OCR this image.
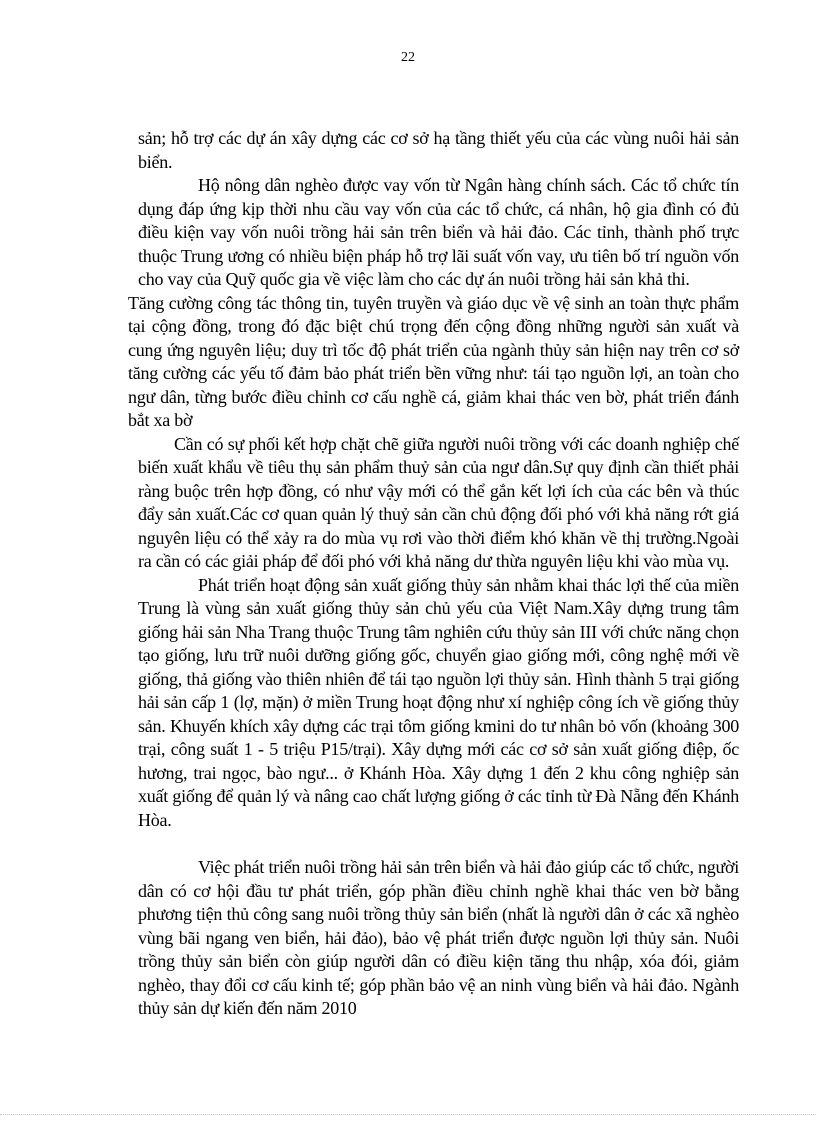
22

sản; hỗ trợ các dự án xây dựng các cơ sở hạ tầng thiết yếu của các vùng nuôi hải sản biển.

Hộ nông dân nghèo được vay vốn từ Ngân hàng chính sách. Các tổ chức tín dụng đáp ứng kịp thời nhu cầu vay vốn của các tổ chức, cá nhân, hộ gia đình có đủ điều kiện vay vốn nuôi trồng hải sản trên biển và hải đảo. Các tỉnh, thành phố trực thuộc Trung ương có nhiều biện pháp hỗ trợ lãi suất vốn vay, ưu tiên bố trí nguồn vốn cho vay của Quỹ quốc gia về việc làm cho các dự án nuôi trồng hải sản khả thi.

Tăng cường công tác thông tin, tuyên truyền và giáo dục về vệ sinh an toàn thực phẩm tại cộng đồng, trong đó đặc biệt chú trọng đến cộng đồng những người sản xuất và cung ứng nguyên liệu; duy trì tốc độ phát triển của ngành thủy sản hiện nay trên cơ sở tăng cường các yếu tố đảm bảo phát triển bền vững như: tái tạo nguồn lợi, an toàn cho ngư dân, từng bước điều chỉnh cơ cấu nghề cá, giảm khai thác ven bờ, phát triển đánh bắt xa bờ

Cần có sự phối kết hợp chặt chẽ giữa người nuôi trồng với các doanh nghiệp chế biến xuất khẩu về tiêu thụ sản phẩm thuỷ sản của ngư dân.Sự quy định cần thiết phải ràng buộc trên hợp đồng, có như vậy mới có thể gắn kết lợi ích của các bên và thúc đẩy sản xuất.Các cơ quan quản lý thuỷ sản cần chủ động đối phó với khả năng rớt giá nguyên liệu có thể xảy ra do mùa vụ rơi vào thời điểm khó khăn về thị trường.Ngoài ra cần có các giải pháp để đối phó với khả năng dư thừa nguyên liệu khi vào mùa vụ.

Phát triển hoạt động sản xuất giống thủy sản nhằm khai thác lợi thế của miền Trung là vùng sản xuất giống thủy sản chủ yếu của Việt Nam.Xây dựng trung tâm giống hải sản Nha Trang thuộc Trung tâm nghiên cứu thủy sản III với chức năng chọn tạo giống, lưu trữ nuôi dưỡng giống gốc, chuyển giao giống mới, công nghệ mới về giống, thả giống vào thiên nhiên để tái tạo nguồn lợi thủy sản. Hình thành 5 trại giống hải sản cấp 1 (lợ, mặn) ở miền Trung hoạt động như xí nghiệp công ích về giống thủy sản. Khuyến khích xây dựng các trại tôm giống kmini do tư nhân bỏ vốn (khoảng 300 trại, công suất 1 - 5 triệu P15/trại). Xây dựng mới các cơ sở sản xuất giống điệp, ốc hương, trai ngọc, bào ngư... ở Khánh Hòa. Xây dựng 1 đến 2 khu công nghiệp sản xuất giống để quản lý và nâng cao chất lượng giống ở các tỉnh từ Đà Nẵng đến Khánh Hòa.

Việc phát triển nuôi trồng hải sản trên biển và hải đảo giúp các tổ chức, người dân có cơ hội đầu tư phát triển, góp phần điều chỉnh nghề khai thác ven bờ bằng phương tiện thủ công sang nuôi trồng thủy sản biển (nhất là người dân ở các xã nghèo vùng bãi ngang ven biển, hải đảo), bảo vệ phát triển được nguồn lợi thủy sản. Nuôi trồng thủy sản biển còn giúp người dân có điều kiện tăng thu nhập, xóa đói, giảm nghèo, thay đổi cơ cấu kinh tế; góp phần bảo vệ an ninh vùng biển và hải đảo. Ngành thủy sản dự kiến đến năm 2010
